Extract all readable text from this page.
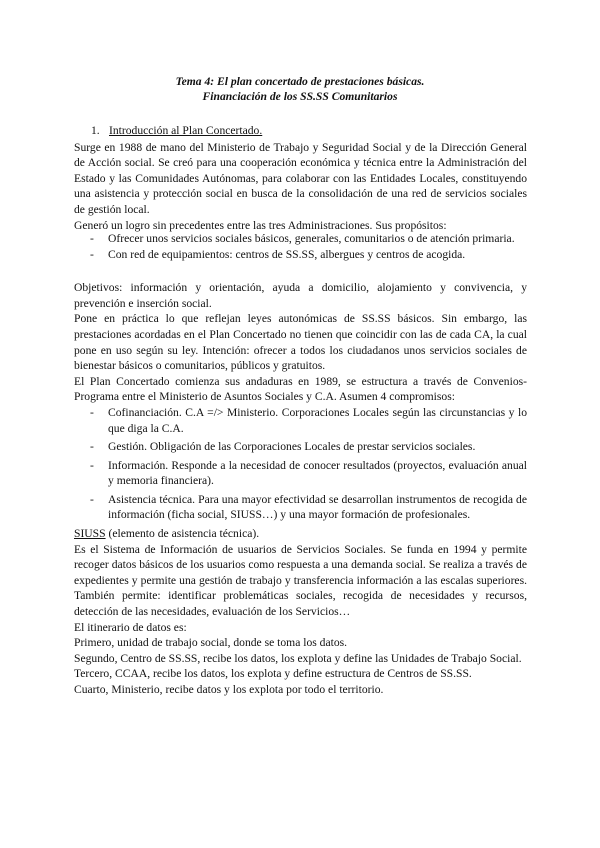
Tema 4: El plan concertado de prestaciones básicas.
Financiación de los SS.SS Comunitarios

1. Introducción al Plan Concertado.

Surge en 1988 de mano del Ministerio de Trabajo y Seguridad Social y de la Dirección General de Acción social. Se creó para una cooperación económica y técnica entre la Administración del Estado y las Comunidades Autónomas, para colaborar con las Entidades Locales, constituyendo una asistencia y protección social en busca de la consolidación de una red de servicios sociales de gestión local.

Generó un logro sin precedentes entre las tres Administraciones. Sus propósitos:

- Ofrecer unos servicios sociales básicos, generales, comunitarios o de atención primaria.
- Con red de equipamientos: centros de SS.SS, albergues y centros de acogida.

Objetivos: información y orientación, ayuda a domicilio, alojamiento y convivencia, y prevención e inserción social.

Pone en práctica lo que reflejan leyes autonómicas de SS.SS básicos. Sin embargo, las prestaciones acordadas en el Plan Concertado no tienen que coincidir con las de cada CA, la cual pone en uso según su ley. Intención: ofrecer a todos los ciudadanos unos servicios sociales de bienestar básicos o comunitarios, públicos y gratuitos.

El Plan Concertado comienza sus andaduras en 1989, se estructura a través de Convenios-Programa entre el Ministerio de Asuntos Sociales y C.A. Asumen 4 compromisos:

- Cofinanciación. C.A =/> Ministerio. Corporaciones Locales según las circunstancias y lo que diga la C.A.
- Gestión. Obligación de las Corporaciones Locales de prestar servicios sociales.
- Información. Responde a la necesidad de conocer resultados (proyectos, evaluación anual y memoria financiera).
- Asistencia técnica. Para una mayor efectividad se desarrollan instrumentos de recogida de información (ficha social, SIUSS…) y una mayor formación de profesionales.

SIUSS (elemento de asistencia técnica).

Es el Sistema de Información de usuarios de Servicios Sociales. Se funda en 1994 y permite recoger datos básicos de los usuarios como respuesta a una demanda social. Se realiza a través de expedientes y permite una gestión de trabajo y transferencia información a las escalas superiores. También permite: identificar problemáticas sociales, recogida de necesidades y recursos, detección de las necesidades, evaluación de los Servicios…

El itinerario de datos es:

Primero, unidad de trabajo social, donde se toma los datos.

Segundo, Centro de SS.SS, recibe los datos, los explota y define las Unidades de Trabajo Social.

Tercero, CCAA, recibe los datos, los explota y define estructura de Centros de SS.SS.

Cuarto, Ministerio, recibe datos y los explota por todo el territorio.
